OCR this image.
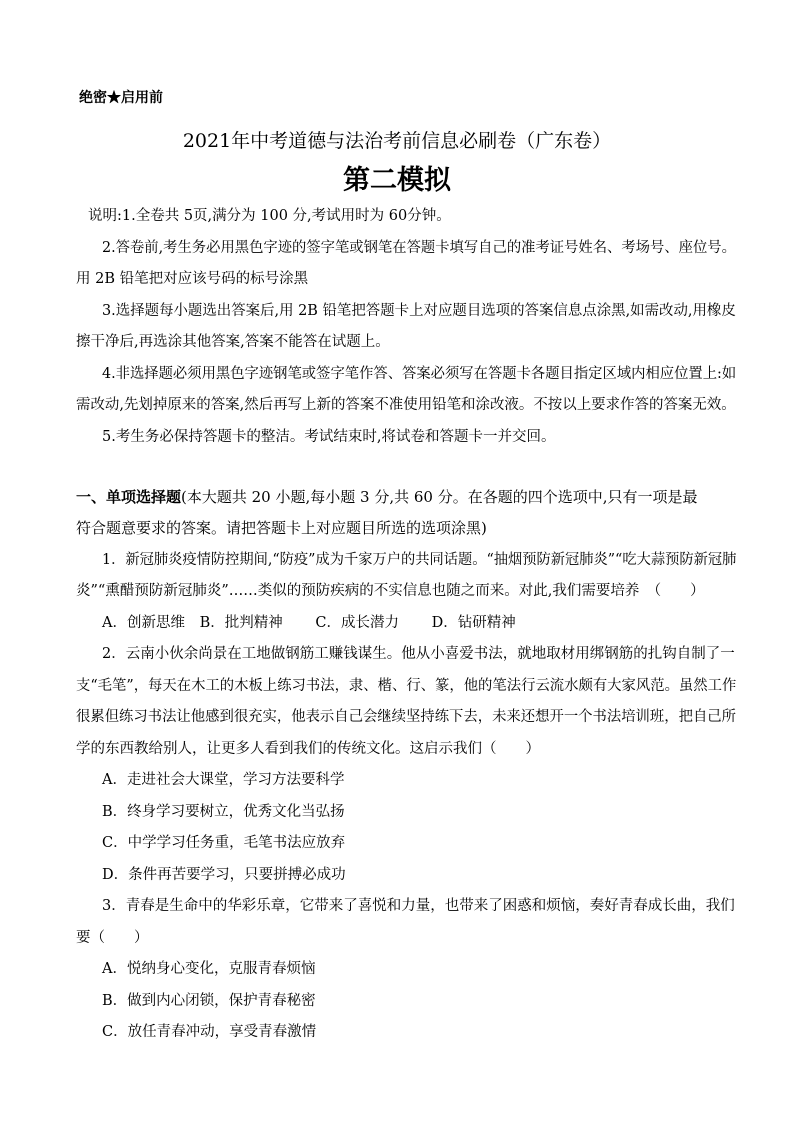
绝密★启用前
2021年中考道德与法治考前信息必刷卷（广东卷）
第二模拟
说明:1.全卷共 5页,满分为 100 分,考试用时为 60分钟。
2.答卷前,考生务必用黑色字迹的签字笔或钢笔在答题卡填写自己的准考证号姓名、考场号、座位号。
用 2B 铅笔把对应该号码的标号涂黑
3.选择题每小题选出答案后,用 2B 铅笔把答题卡上对应题目选项的答案信息点涂黑,如需改动,用橡皮
擦干净后,再选涂其他答案,答案不能答在试题上。
4.非选择题必须用黑色字迹钢笔或签字笔作答、答案必须写在答题卡各题目指定区域内相应位置上:如
需改动,先划掉原来的答案,然后再写上新的答案不准使用铅笔和涂改液。不按以上要求作答的答案无效。
5.考生务必保持答题卡的整洁。考试结束时,将试卷和答题卡一并交回。
一、单项选择题(本大题共 20 小题,每小题 3 分,共 60 分。在各题的四个选项中,只有一项是最
符合题意要求的答案。请把答题卡上对应题目所选的选项涂黑)
1．新冠肺炎疫情防控期间,“防疫”成为千家万户的共同话题。“抽烟预防新冠肺炎”“吃大蒜预防新冠肺
炎”“熏醋预防新冠肺炎”……类似的预防疾病的不实信息也随之而来。对此,我们需要培养　（　　）
A．创新思维 B．批判精神 C．成长潜力 D．钻研精神
2．云南小伙余尚景在工地做钢筋工赚钱谋生。他从小喜爱书法，就地取材用绑钢筋的扎钩自制了一
支“毛笔”，每天在木工的木板上练习书法，隶、楷、行、篆，他的笔法行云流水颇有大家风范。虽然工作
很累但练习书法让他感到很充实，他表示自己会继续坚持练下去，未来还想开一个书法培训班，把自己所
学的东西教给别人，让更多人看到我们的传统文化。这启示我们（　　）
A．走进社会大课堂，学习方法要科学
B．终身学习要树立，优秀文化当弘扬
C．中学学习任务重，毛笔书法应放弃
D．条件再苦要学习，只要拼搏必成功
3．青春是生命中的华彩乐章，它带来了喜悦和力量，也带来了困惑和烦恼，奏好青春成长曲，我们
要（　　）
A．悦纳身心变化，克服青春烦恼
B．做到内心闭锁，保护青春秘密
C．放任青春冲动，享受青春激情
